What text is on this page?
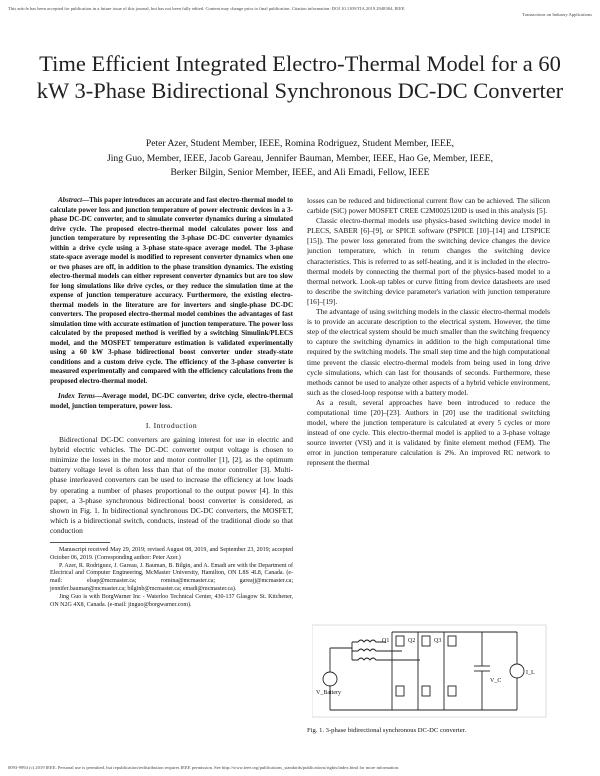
This article has been accepted for publication in a future issue of this journal, but has not been fully edited. Content may change prior to final publication. Citation information: DOI 10.1109/TIA.2019.2948304, IEEE
Transactions on Industry Applications
Time Efficient Integrated Electro-Thermal Model for a 60 kW 3-Phase Bidirectional Synchronous DC-DC Converter
Peter Azer, Student Member, IEEE, Romina Rodriguez, Student Member, IEEE,
Jing Guo, Member, IEEE, Jacob Gareau, Jennifer Bauman, Member, IEEE, Hao Ge, Member, IEEE,
Berker Bilgin, Senior Member, IEEE, and Ali Emadi, Fellow, IEEE

Abstract—This paper introduces an accurate and fast electro-thermal model to calculate power loss and junction temperature of power electronic devices in a 3-phase DC-DC converter, and to simulate converter dynamics during a simulated drive cycle. The proposed electro-thermal model calculates power loss and junction temperature by representing the 3-phase DC-DC converter dynamics within a drive cycle using a 3-phase state-space average model. The 3-phase state-space average model is modified to represent converter dynamics when one or two phases are off, in addition to the phase transition dynamics. The existing electro-thermal models can either represent converter dynamics but are too slow for long simulations like drive cycles, or they reduce the simulation time at the expense of junction temperature accuracy. Furthermore, the existing electro-thermal models in the literature are for inverters and single-phase DC-DC converters. The proposed electro-thermal model combines the advantages of fast simulation time with accurate estimation of junction temperature. The power loss calculated by the proposed method is verified by a switching Simulink/PLECS model, and the MOSFET temperature estimation is validated experimentally using a 60 kW 3-phase bidirectional boost converter under steady-state conditions and a custom drive cycle. The efficiency of the 3-phase converter is measured experimentally and compared with the efficiency calculations from the proposed electro-thermal model.

Index Terms—Average model, DC-DC converter, drive cycle, electro-thermal model, junction temperature, power loss.

I. Introduction

Bidirectional DC-DC converters are gaining interest for use in electric and hybrid electric vehicles. The DC-DC converter output voltage is chosen to minimize the losses in the motor and motor controller [1], [2], as the optimum battery voltage level is often less than that of the motor controller [3]. Multi-phase interleaved converters can be used to increase the efficiency at low loads by operating a number of phases proportional to the output power [4]. In this paper, a 3-phase synchronous bidirectional boost converter is considered, as shown in Fig. 1. In bidirectional synchronous DC-DC converters, the MOSFET, which is a bidirectional switch, conducts, instead of the traditional diode so that conduction

Manuscript received May 29, 2019; revised August 08, 2019, and September 23, 2019; accepted October 06, 2019. (Corresponding author: Peter Azer.)

P. Azer, R. Rodriguez, J. Gareau, J. Bauman, B. Bilgin, and A. Emadi are with the Department of Electrical and Computer Engineering, McMaster University, Hamilton, ON L8S 4L8, Canada. (e-mail: elsap@mcmaster.ca; romina@mcmaster.ca; gareajj@mcmaster.ca; jennifer.bauman@mcmaster.ca; bilginb@mcmaster.ca; emadi@mcmaster.ca).

Jing Guo is with BorgWarner Inc - Waterloo Technical Center, 430-137 Glasgow St. Kitchener, ON N2G 4X8, Canada. (e-mail: jinguo@borgwarner.com).

losses can be reduced and bidirectional current flow can be achieved. The silicon carbide (SiC) power MOSFET CREE C2M0025120D is used in this analysis [5].

Classic electro-thermal models use physics-based switching device model in PLECS, SABER [6]–[9], or SPICE software (PSPICE [10]–[14] and LTSPICE [15]). The power loss generated from the switching device changes the device junction temperature, which in return changes the switching device characteristics. This is referred to as self-heating, and it is included in the electro-thermal models by connecting the thermal port of the physics-based model to a thermal network. Look-up tables or curve fitting from device datasheets are used to describe the switching device parameter's variation with junction temperature [16]–[19].

The advantage of using switching models in the classic electro-thermal models is to provide an accurate description to the electrical system. However, the time step of the electrical system should be much smaller than the switching frequency to capture the switching dynamics in addition to the high computational time required by the switching models. The small step time and the high computational time prevent the classic electro-thermal models from being used in long drive cycle simulations, which can last for thousands of seconds. Furthermore, these methods cannot be used to analyze other aspects of a hybrid vehicle environment, such as the closed-loop response with a battery model.

As a result, several approaches have been introduced to reduce the computational time [20]–[23]. Authors in [20] use the traditional switching model, where the junction temperature is calculated at every 5 cycles or more instead of one cycle. This electro-thermal model is applied to a 3-phase voltage source inverter (VSI) and it is validated by finite element method (FEM). The error in junction temperature calculation is 2%. An improved RC network to represent the thermal

V_Battery
V_C
I_L
Q1	Q2	Q3
Fig. 1. 3-phase bidirectional synchronous DC-DC converter.
0093-9994 (c) 2019 IEEE. Personal use is permitted, but republication/redistribution requires IEEE permission. See http://www.ieee.org/publications_standards/publications/rights/index.html for more information.
